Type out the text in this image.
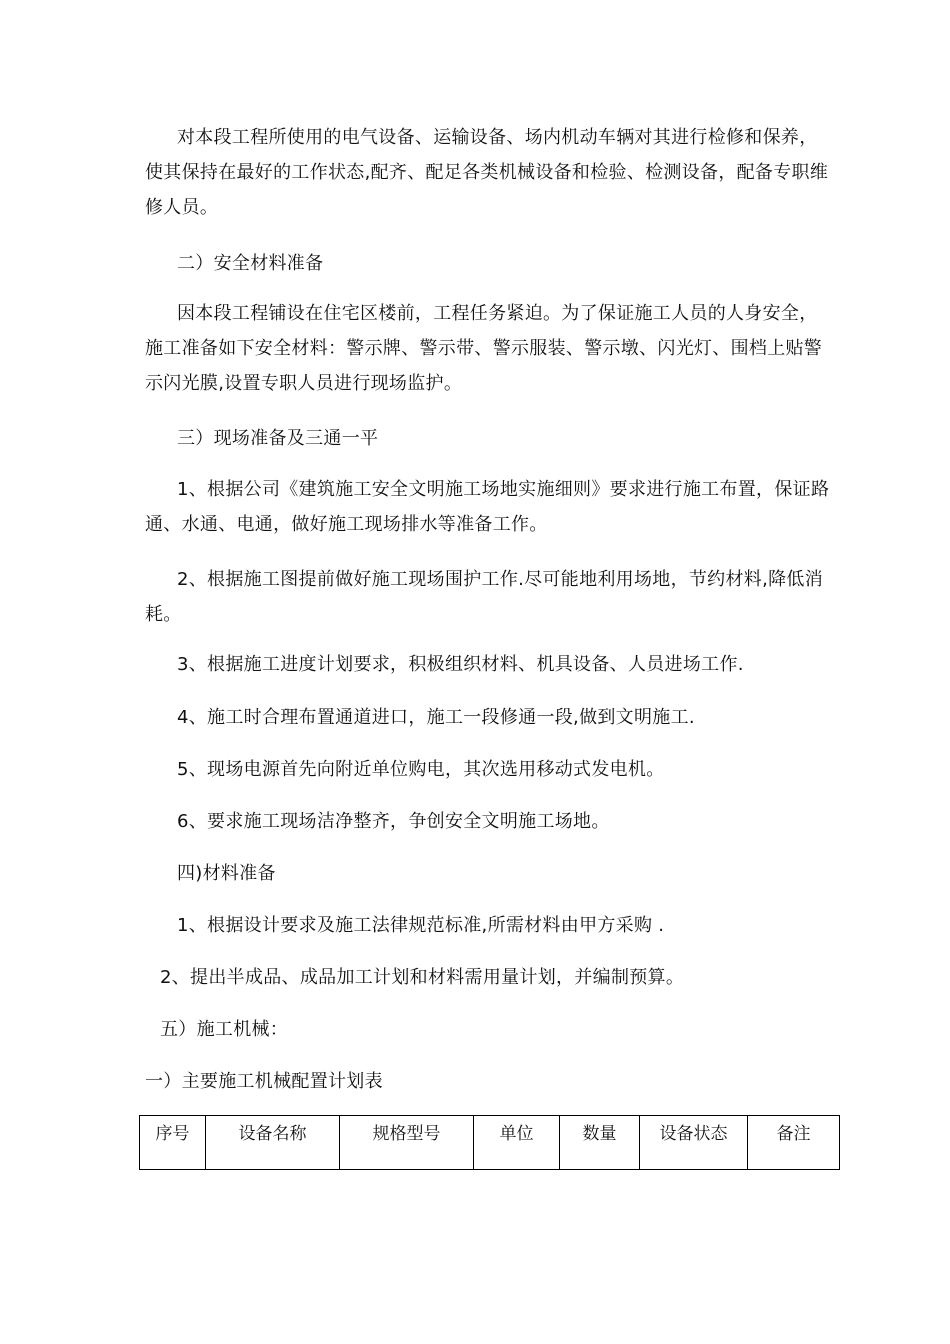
对本段工程所使用的电气设备、运输设备、场内机动车辆对其进行检修和保养，使其保持在最好的工作状态,配齐、配足各类机械设备和检验、检测设备，配备专职维修人员。

二）安全材料准备

因本段工程铺设在住宅区楼前，工程任务紧迫。为了保证施工人员的人身安全，施工准备如下安全材料：警示牌、警示带、警示服装、警示墩、闪光灯、围档上贴警示闪光膜,设置专职人员进行现场监护。

三）现场准备及三通一平

1、根据公司《建筑施工安全文明施工场地实施细则》要求进行施工布置，保证路通、水通、电通，做好施工现场排水等准备工作。

2、根据施工图提前做好施工现场围护工作.尽可能地利用场地，节约材料,降低消耗。

3、根据施工进度计划要求，积极组织材料、机具设备、人员进场工作.

4、施工时合理布置通道进口，施工一段修通一段,做到文明施工.

5、现场电源首先向附近单位购电，其次选用移动式发电机。

6、要求施工现场洁净整齐，争创安全文明施工场地。

四)材料准备

1、根据设计要求及施工法律规范标准,所需材料由甲方采购 .

2、提出半成品、成品加工计划和材料需用量计划，并编制预算。

五）施工机械：

一）主要施工机械配置计划表

序号	设备名称	规格型号	单位	数量	设备状态	备注
